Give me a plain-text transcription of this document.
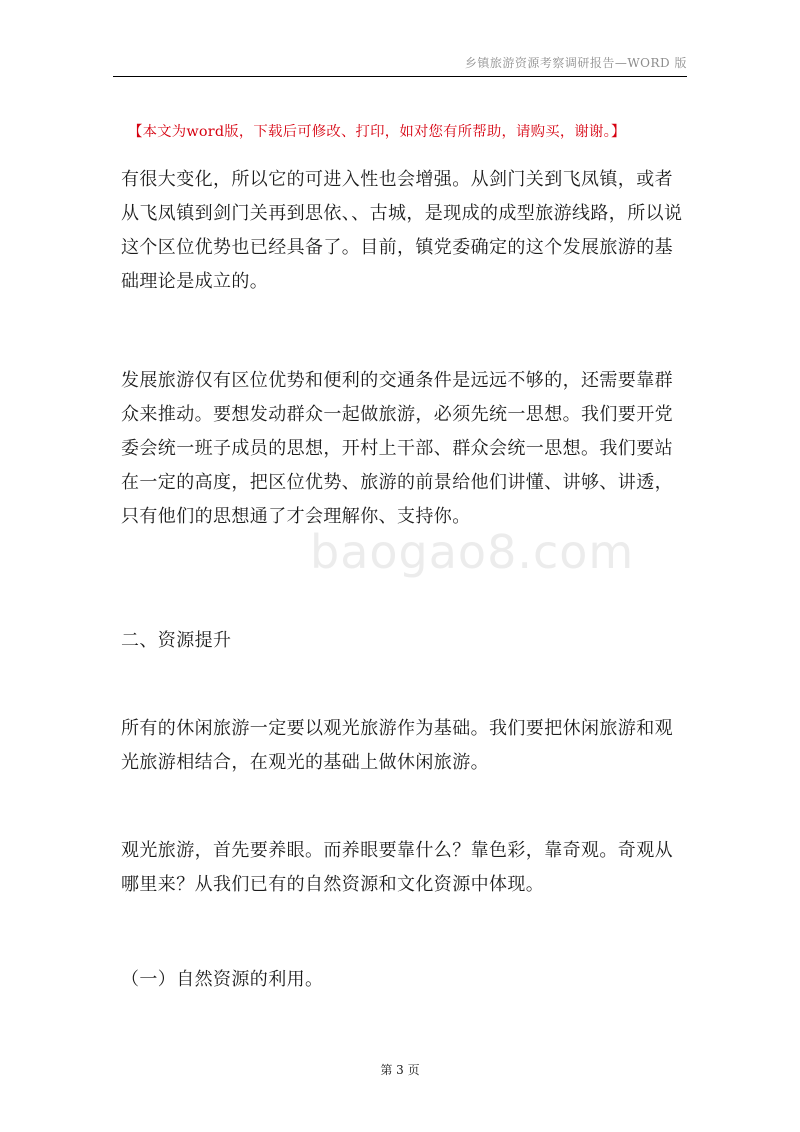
乡镇旅游资源考察调研报告—WORD 版
【本文为word版，下载后可修改、打印，如对您有所帮助，请购买，谢谢。】
baogao8.com

有很大变化，所以它的可进入性也会增强。从剑门关到飞凤镇，或者从飞凤镇到剑门关再到思依、、古城，是现成的成型旅游线路，所以说这个区位优势也已经具备了。目前，镇党委确定的这个发展旅游的基础理论是成立的。

发展旅游仅有区位优势和便利的交通条件是远远不够的，还需要靠群众来推动。要想发动群众一起做旅游，必须先统一思想。我们要开党委会统一班子成员的思想，开村上干部、群众会统一思想。我们要站在一定的高度，把区位优势、旅游的前景给他们讲懂、讲够、讲透，只有他们的思想通了才会理解你、支持你。

二、资源提升

所有的休闲旅游一定要以观光旅游作为基础。我们要把休闲旅游和观光旅游相结合，在观光的基础上做休闲旅游。

观光旅游，首先要养眼。而养眼要靠什么？靠色彩，靠奇观。奇观从哪里来？从我们已有的自然资源和文化资源中体现。

（一）自然资源的利用。

第 3 页
